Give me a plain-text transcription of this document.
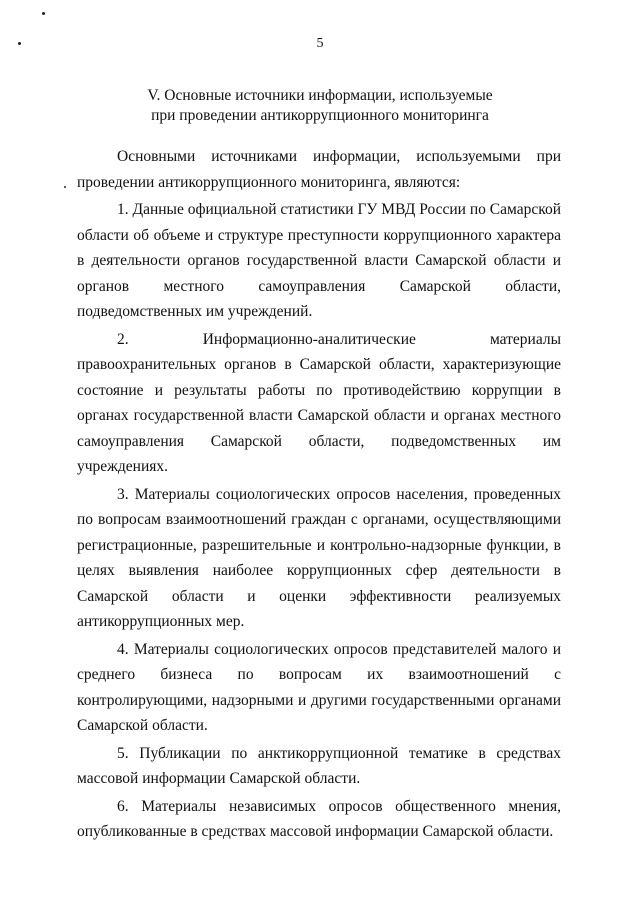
5
V. Основные источники информации, используемые
при проведении антикоррупционного мониторинга

Основными источниками информации, используемыми при проведении антикоррупционного мониторинга, являются:

1. Данные официальной статистики ГУ МВД России по Самарской области об объеме и структуре преступности коррупционного характера в деятельности органов государственной власти Самарской области и органов местного самоуправления Самарской области, подведомственных им учреждений.

2. Информационно-аналитические материалы правоохранительных органов в Самарской области, характеризующие состояние и результаты работы по противодействию коррупции в органах государственной власти Самарской области и органах местного самоуправления Самарской области, подведомственных им учреждениях.

3. Материалы социологических опросов населения, проведенных по вопросам взаимоотношений граждан с органами, осуществляющими регистрационные, разрешительные и контрольно-надзорные функции, в целях выявления наиболее коррупционных сфер деятельности в Самарской области и оценки эффективности реализуемых антикоррупционных мер.

4. Материалы социологических опросов представителей малого и среднего бизнеса по вопросам их взаимоотношений с контролирующими, надзорными и другими государственными органами Самарской области.

5. Публикации по анктикоррупционной тематике в средствах массовой информации Самарской области.

6. Материалы независимых опросов общественного мнения, опубликованные в средствах массовой информации Самарской области.
